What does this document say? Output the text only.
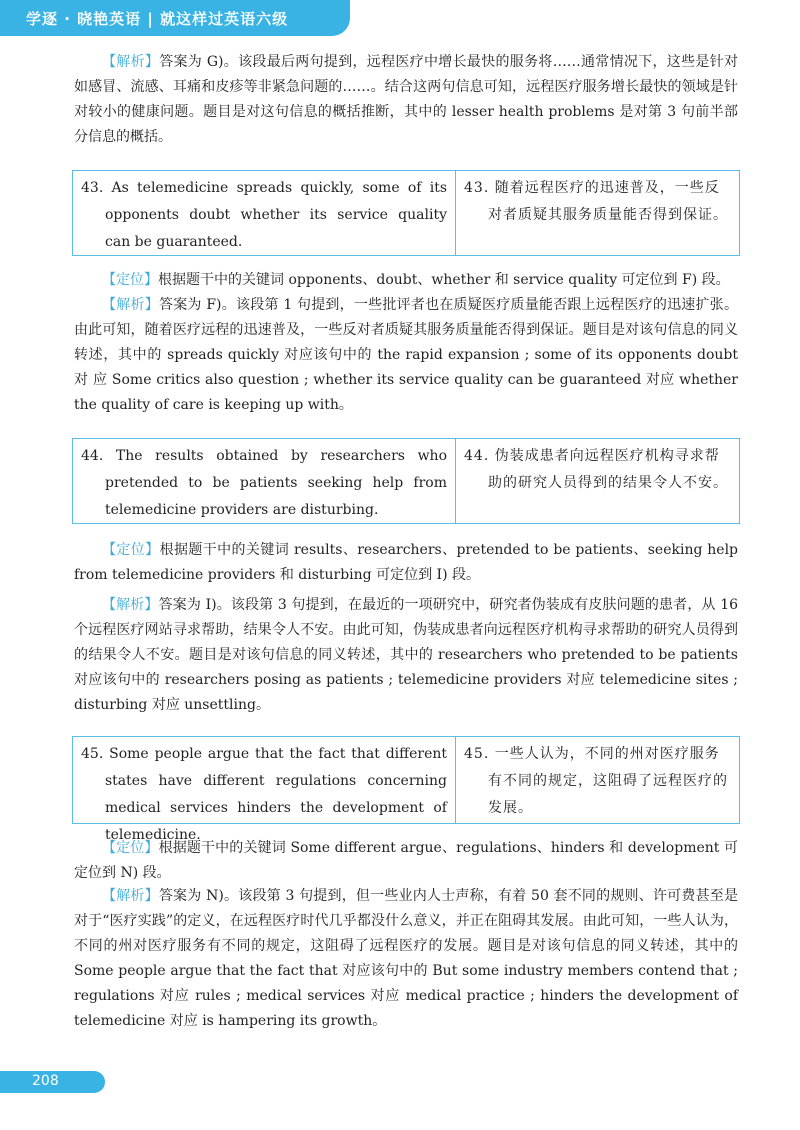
学逐 · 晓艳英语 | 就这样过英语六级

【解析】答案为 G)。该段最后两句提到，远程医疗中增长最快的服务将……通常情况下，这些是针对如感冒、流感、耳痛和皮疹等非紧急问题的……。结合这两句信息可知，远程医疗服务增长最快的领域是针对较小的健康问题。题目是对这句信息的概括推断，其中的 lesser health problems 是对第 3 句前半部分信息的概括。

43. As telemedicine spreads quickly, some of its opponents doubt whether its service quality can be guaranteed.
43. 随着远程医疗的迅速普及，一些反对者质疑其服务质量能否得到保证。

【定位】根据题干中的关键词 opponents、doubt、whether 和 service quality 可定位到 F) 段。

【解析】答案为 F)。该段第 1 句提到，一些批评者也在质疑医疗质量能否跟上远程医疗的迅速扩张。由此可知，随着医疗远程的迅速普及，一些反对者质疑其服务质量能否得到保证。题目是对该句信息的同义转述，其中的 spreads quickly 对应该句中的 the rapid expansion ; some of its opponents doubt 对 应 Some critics also question ; whether its service quality can be guaranteed 对应 whether the quality of care is keeping up with。

44. The results obtained by researchers who pretended to be patients seeking help from telemedicine providers are disturbing.
44. 伪装成患者向远程医疗机构寻求帮助的研究人员得到的结果令人不安。

【定位】根据题干中的关键词 results、researchers、pretended to be patients、seeking help from telemedicine providers 和 disturbing 可定位到 I) 段。

【解析】答案为 I)。该段第 3 句提到，在最近的一项研究中，研究者伪装成有皮肤问题的患者，从 16 个远程医疗网站寻求帮助，结果令人不安。由此可知，伪装成患者向远程医疗机构寻求帮助的研究人员得到的结果令人不安。题目是对该句信息的同义转述，其中的 researchers who pretended to be patients 对应该句中的 researchers posing as patients ; telemedicine providers 对应 telemedicine sites ; disturbing 对应 unsettling。

45. Some people argue that the fact that different states have different regulations concerning medical services hinders the development of telemedicine.
45. 一些人认为，不同的州对医疗服务有不同的规定，这阻碍了远程医疗的发展。

【定位】根据题干中的关键词 Some different argue、regulations、hinders 和 development 可定位到 N) 段。

【解析】答案为 N)。该段第 3 句提到，但一些业内人士声称，有着 50 套不同的规则、许可费甚至是对于“医疗实践”的定义，在远程医疗时代几乎都没什么意义，并正在阻碍其发展。由此可知，一些人认为，不同的州对医疗服务有不同的规定，这阻碍了远程医疗的发展。题目是对该句信息的同义转述，其中的 Some people argue that the fact that 对应该句中的 But some industry members contend that ; regulations 对应 rules ; medical services 对应 medical practice ; hinders the development of telemedicine 对应 is hampering its growth。

208
